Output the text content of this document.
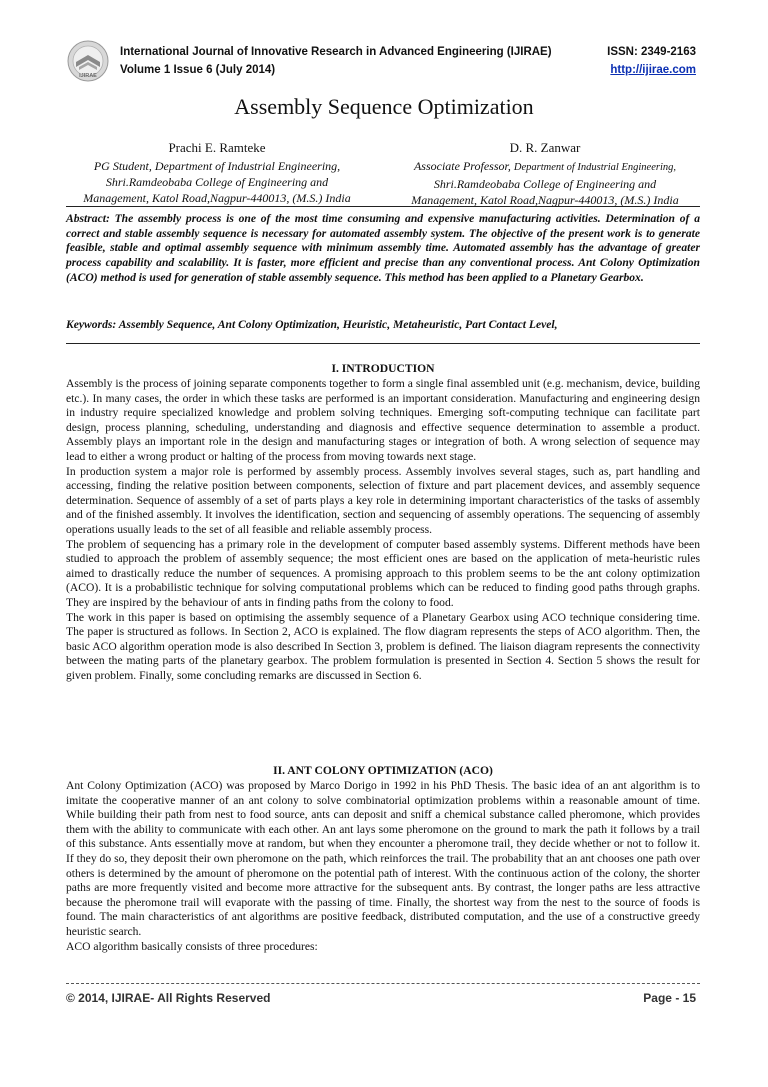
IJIRAE
International Journal of Innovative Research in Advanced Engineering (IJIRAE)
Volume 1 Issue 6 (July 2014)
ISSN: 2349-2163
http://ijirae.com
Assembly Sequence Optimization
Prachi E. Ramteke
PG Student, Department of Industrial Engineering,
Shri.Ramdeobaba College of Engineering and
Management, Katol Road,Nagpur-440013, (M.S.) India
D. R. Zanwar
Associate Professor, Department of Industrial Engineering,
Shri.Ramdeobaba College of Engineering and
Management, Katol Road,Nagpur-440013, (M.S.) India
Abstract: The assembly process is one of the most time consuming and expensive manufacturing activities. Determination of a correct and stable assembly sequence is necessary for automated assembly system. The objective of the present work is to generate feasible, stable and optimal assembly sequence with minimum assembly time. Automated assembly has the advantage of greater process capability and scalability. It is faster, more efficient and precise than any conventional process. Ant Colony Optimization (ACO) method is used for generation of stable assembly sequence. This method has been applied to a Planetary Gearbox.
Keywords: Assembly Sequence, Ant Colony Optimization, Heuristic, Metaheuristic, Part Contact Level,
I. INTRODUCTION

Assembly is the process of joining separate components together to form a single final assembled unit (e.g. mechanism, device, building etc.). In many cases, the order in which these tasks are performed is an important consideration. Manufacturing and engineering design in industry require specialized knowledge and problem solving techniques. Emerging soft-computing technique can facilitate part design, process planning, scheduling, understanding and diagnosis and effective sequence determination to assemble a product. Assembly plays an important role in the design and manufacturing stages or integration of both. A wrong selection of sequence may lead to either a wrong product or halting of the process from moving towards next stage.

In production system a major role is performed by assembly process. Assembly involves several stages, such as, part handling and accessing, finding the relative position between components, selection of fixture and part placement devices, and assembly sequence determination. Sequence of assembly of a set of parts plays a key role in determining important characteristics of the tasks of assembly and of the finished assembly. It involves the identification, section and sequencing of assembly operations. The sequencing of assembly operations usually leads to the set of all feasible and reliable assembly process.

The problem of sequencing has a primary role in the development of computer based assembly systems. Different methods have been studied to approach the problem of assembly sequence; the most efficient ones are based on the application of meta-heuristic rules aimed to drastically reduce the number of sequences. A promising approach to this problem seems to be the ant colony optimization (ACO). It is a probabilistic technique for solving computational problems which can be reduced to finding good paths through graphs. They are inspired by the behaviour of ants in finding paths from the colony to food.

The work in this paper is based on optimising the assembly sequence of a Planetary Gearbox using ACO technique considering time. The paper is structured as follows. In Section 2, ACO is explained. The flow diagram represents the steps of ACO algorithm. Then, the basic ACO algorithm operation mode is also described In Section 3, problem is defined. The liaison diagram represents the connectivity between the mating parts of the planetary gearbox. The problem formulation is presented in Section 4. Section 5 shows the result for given problem. Finally, some concluding remarks are discussed in Section 6.

II. ANT COLONY OPTIMIZATION (ACO)

Ant Colony Optimization (ACO) was proposed by Marco Dorigo in 1992 in his PhD Thesis. The basic idea of an ant algorithm is to imitate the cooperative manner of an ant colony to solve combinatorial optimization problems within a reasonable amount of time. While building their path from nest to food source, ants can deposit and sniff a chemical substance called pheromone, which provides them with the ability to communicate with each other. An ant lays some pheromone on the ground to mark the path it follows by a trail of this substance. Ants essentially move at random, but when they encounter a pheromone trail, they decide whether or not to follow it. If they do so, they deposit their own pheromone on the path, which reinforces the trail. The probability that an ant chooses one path over others is determined by the amount of pheromone on the potential path of interest. With the continuous action of the colony, the shorter paths are more frequently visited and become more attractive for the subsequent ants. By contrast, the longer paths are less attractive because the pheromone trail will evaporate with the passing of time. Finally, the shortest way from the nest to the source of foods is found. The main characteristics of ant algorithms are positive feedback, distributed computation, and the use of a constructive greedy heuristic search.

ACO algorithm basically consists of three procedures:

© 2014, IJIRAE- All Rights Reserved	Page - 15
